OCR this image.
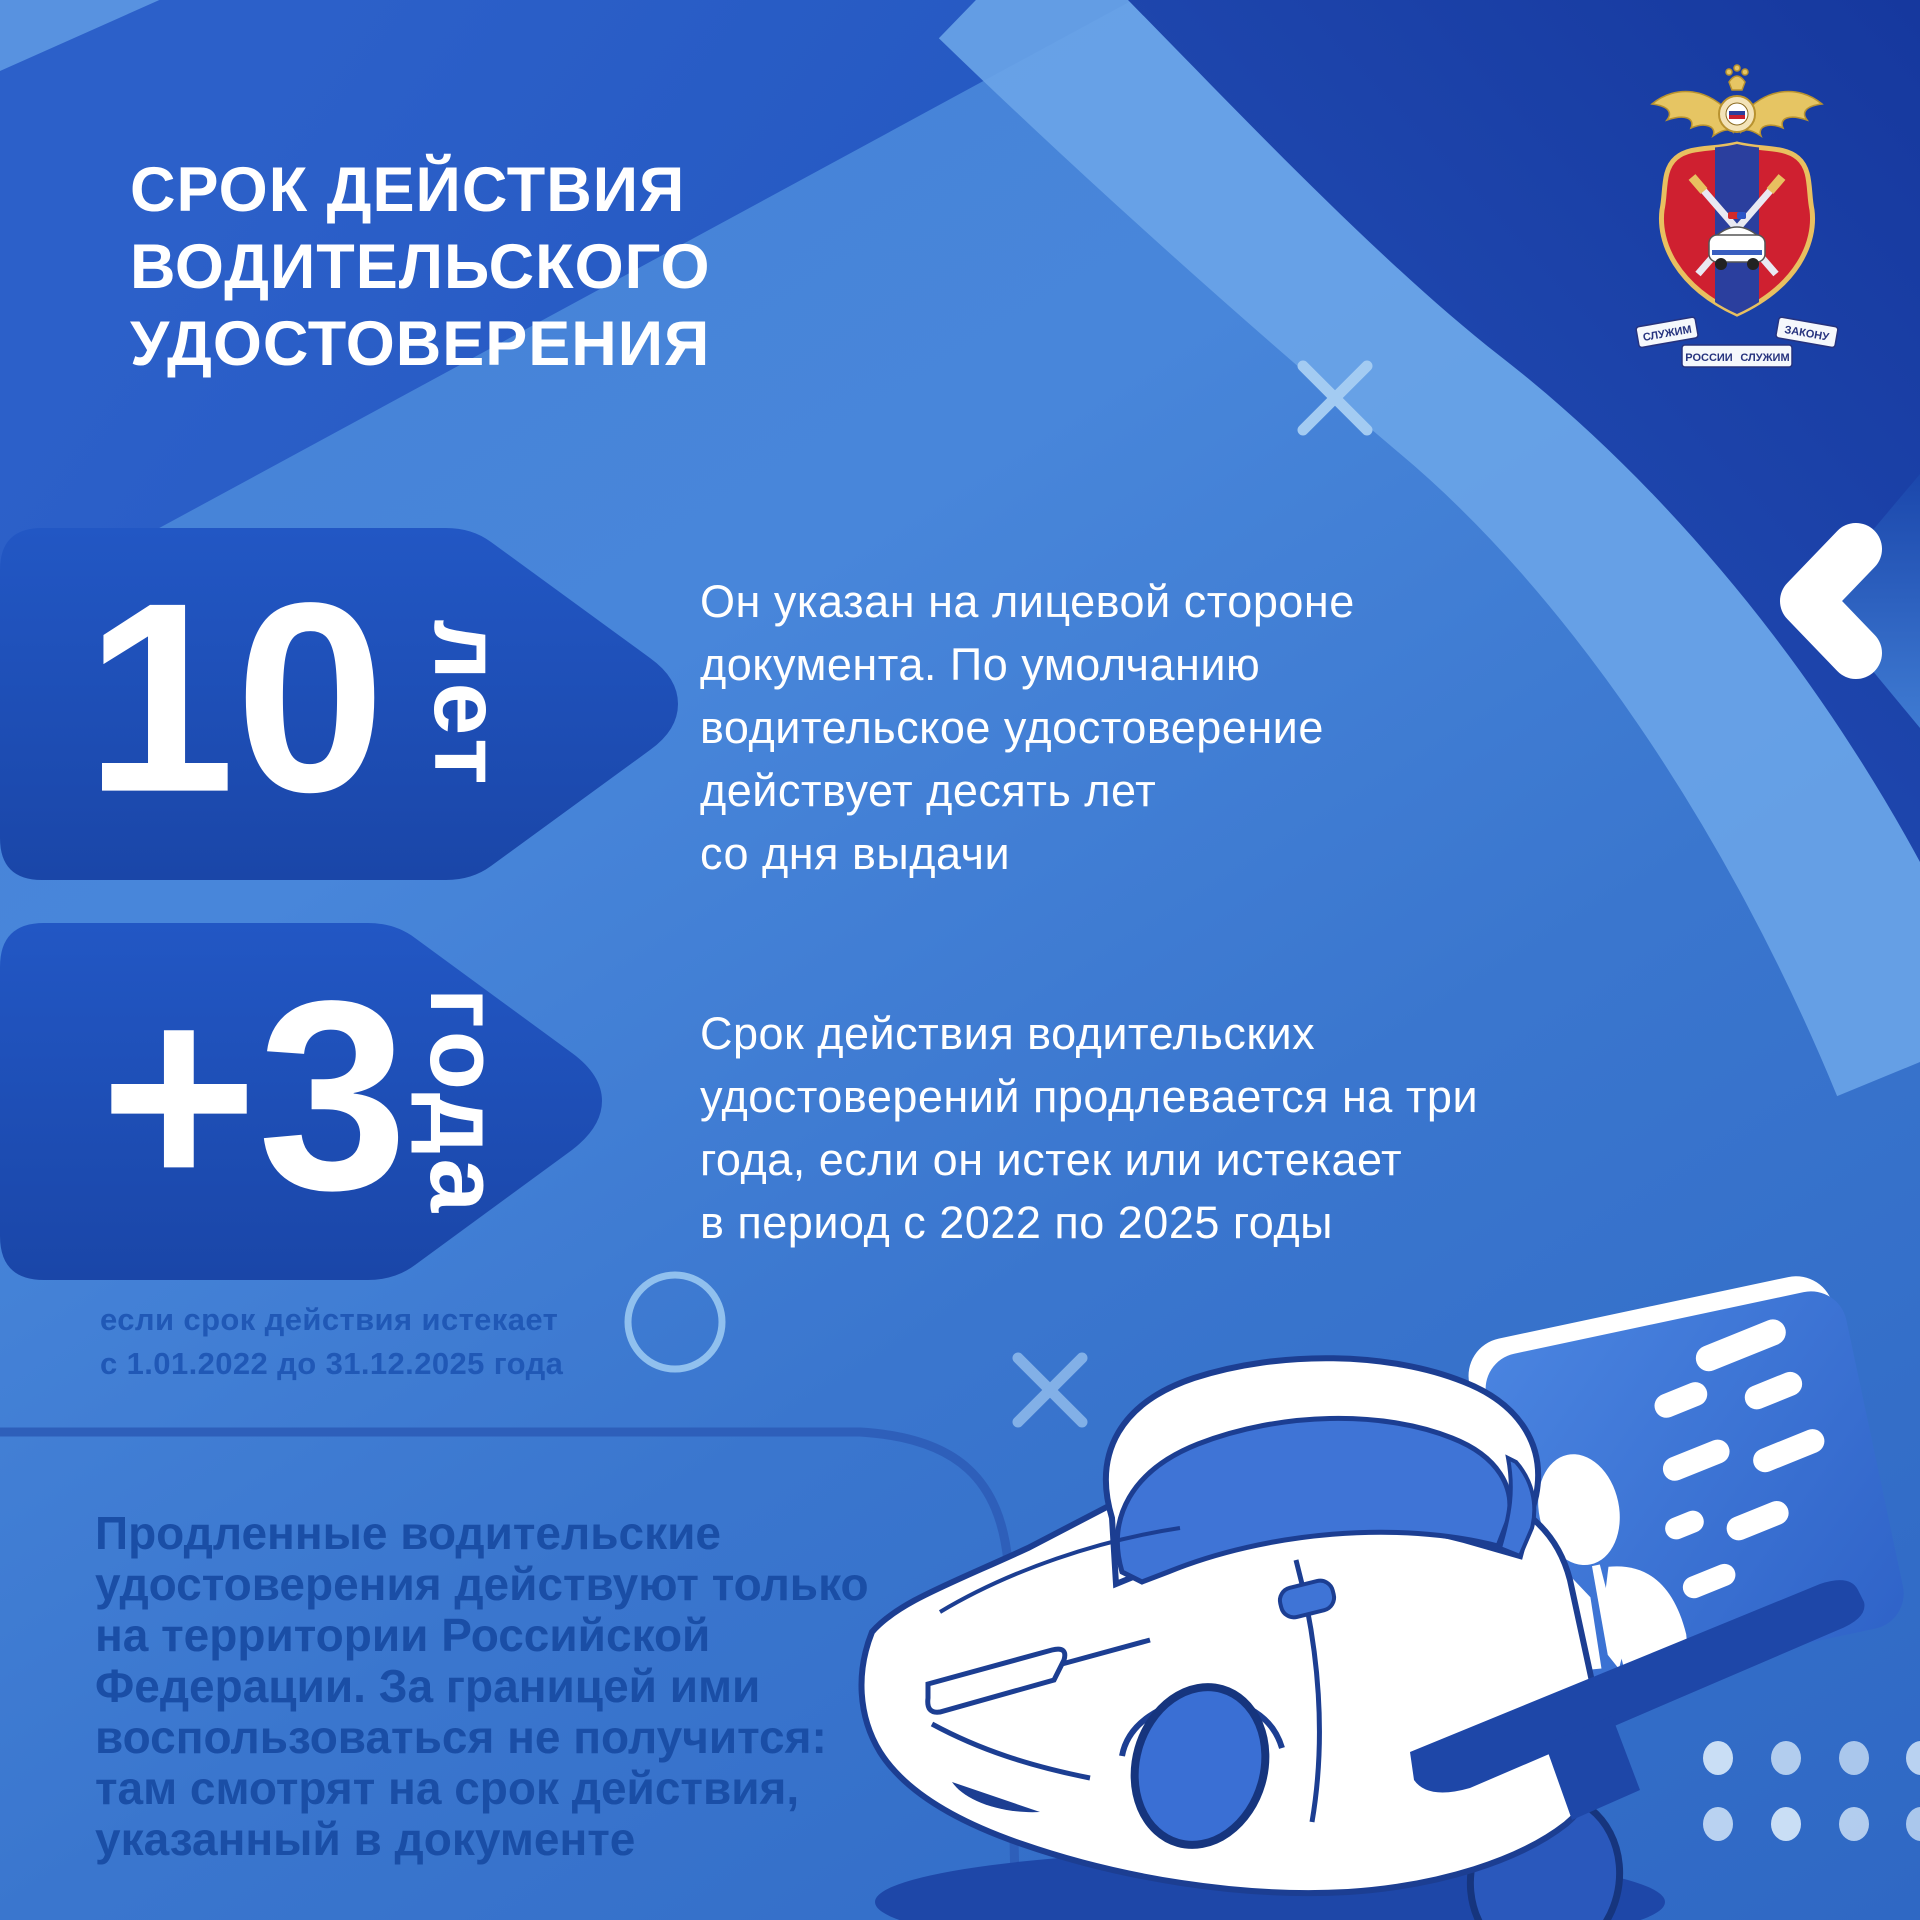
СРОК ДЕЙСТВИЯ
ВОДИТЕЛЬСКОГО
УДОСТОВЕРЕНИЯ
10 лет
+3 года
Он указан на лицевой стороне
документа. По умолчанию
водительское удостоверение
действует десять лет
со дня выдачи
Срок действия водительских
удостоверений продлевается на три
года, если он истек или истекает
в период с 2022 по 2025 годы
если срок действия истекает
с 1.01.2022 до 31.12.2025 года
Продленные водительские
удостоверения действуют только
на территории Российской
Федерации. За границей ими
воспользоваться не получится:
там смотрят на срок действия,
указанный в документе
СЛУЖИМ	ЗАКОНУ
РОССИИ СЛУЖИМ
